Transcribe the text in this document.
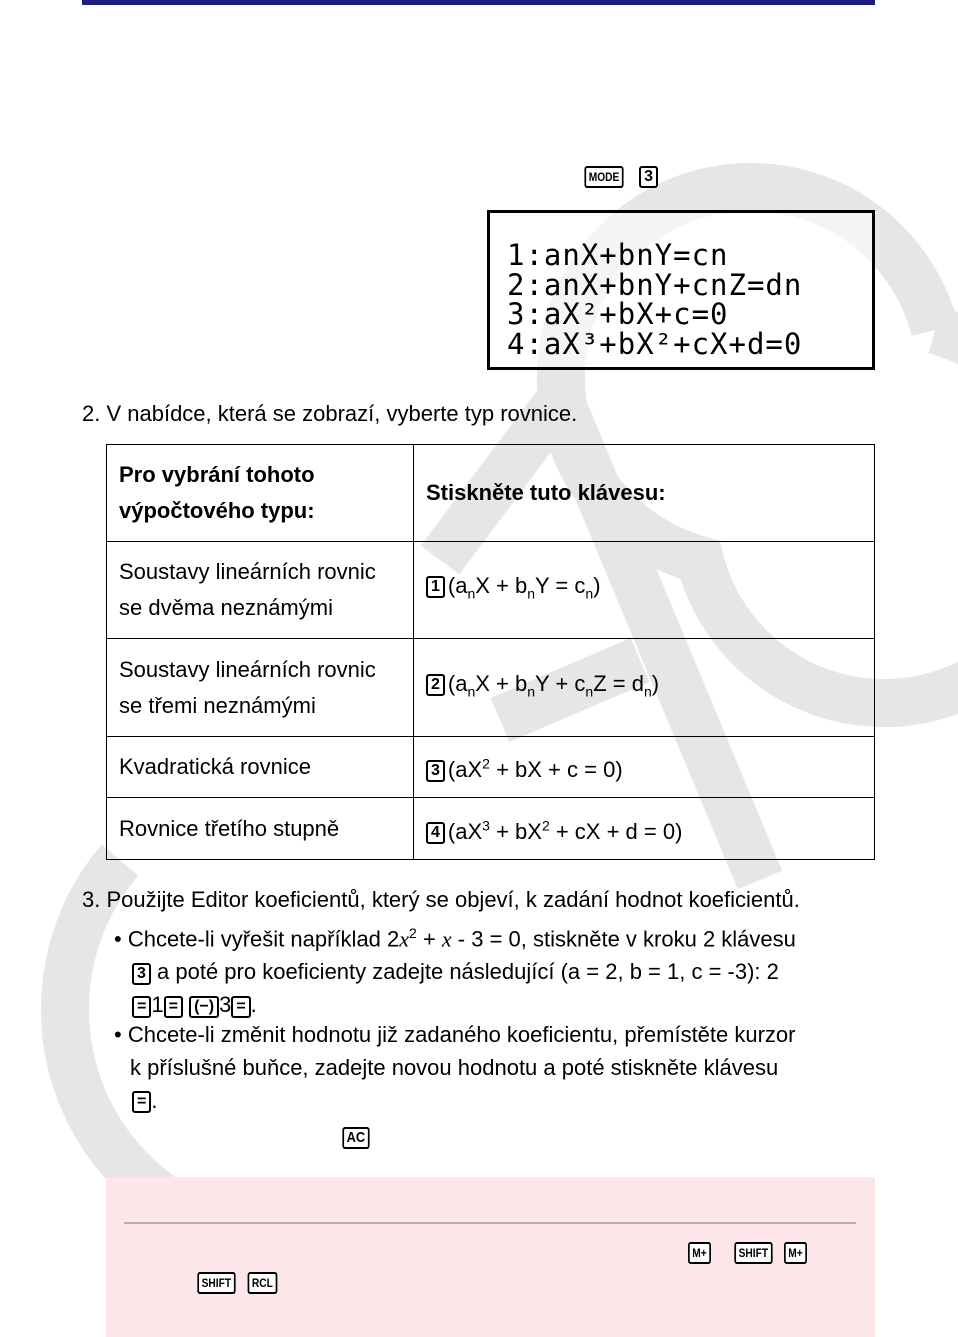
MODE 3
1:anX+bnY=cn
2:anX+bnY+cnZ=dn
3:aX²+bX+c=0
4:aX³+bX²+cX+d=0
2. V nabídce, která se zobrazí, vyberte typ rovnice.
Pro vybrání tohoto výpočtového typu:	Stiskněte tuto klávesu:
Soustavy lineárních rovnic se dvěma neznámými	1 $(a_nX + b_nY = c_n)$
Soustavy lineárních rovnic se třemi neznámými	2 $(a_nX + b_nY + c_nZ = d_n)$
Kvadratická rovnice	3 ($aX^2$ + bX + c = 0)
Rovnice třetího stupně	4 ($aX^3 + bX^2$ + cX + d = 0)
3. Použijte Editor koeficientů, který se objeví, k zadání hodnot koeficientů.
• Chcete-li vyřešit například $2x^2 + x - 3 = 0$, stiskněte v kroku 2 klávesu
3 a poté pro koeficienty zadejte následující (a = 2, b = 1, c = -3): 2
= 1 = (−) 3 = .
• Chcete-li změnit hodnotu již zadaného koeficientu, přemístěte kurzor
k příslušné buňce, zadejte novou hodnotu a poté stiskněte klávesu
= .
AC
M+	SHIFT M+
SHIFT RCL
